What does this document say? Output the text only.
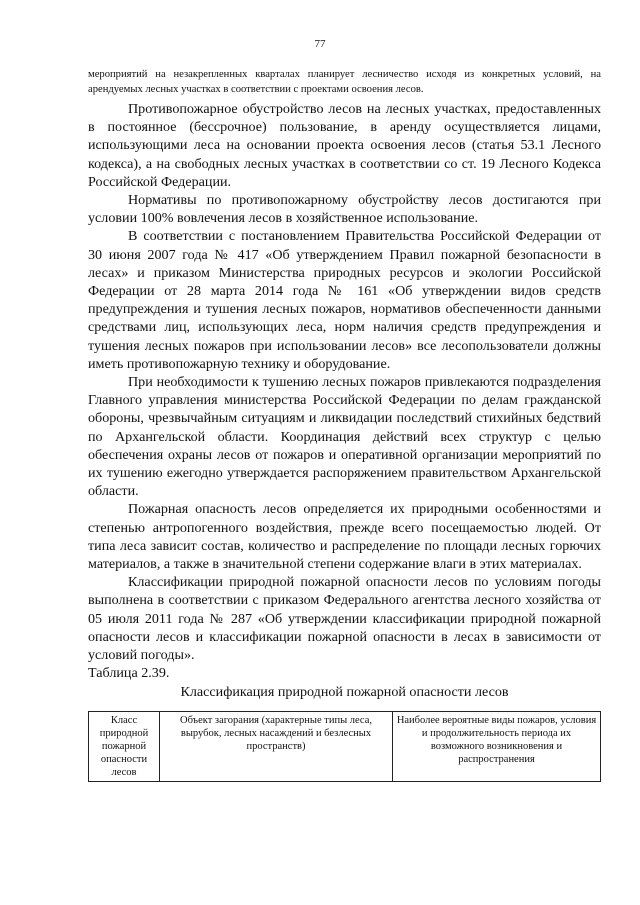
77

мероприятий на незакрепленных кварталах планирует лесничество исходя из конкретных условий, на арендуемых лесных участках в соответствии с проектами освоения лесов.

Противопожарное обустройство лесов на лесных участках, предоставленных в постоянное (бессрочное) пользование, в аренду осуществляется лицами, использующими леса на основании проекта освоения лесов (статья 53.1 Лесного кодекса), а на свободных лесных участках в соответствии со ст. 19 Лесного Кодекса Российской Федерации.

Нормативы по противопожарному обустройству лесов достигаются при условии 100% вовлечения лесов в хозяйственное использование.

В соответствии с постановлением Правительства Российской Федерации от 30 июня 2007 года № 417 «Об утверждением Правил пожарной безопасности в лесах» и приказом Министерства природных ресурсов и экологии Российской Федерации от 28 марта 2014 года № 161 «Об утверждении видов средств предупреждения и тушения лесных пожаров, нормативов обеспеченности данными средствами лиц, использующих леса, норм наличия средств предупреждения и тушения лесных пожаров при использовании лесов» все лесопользователи должны иметь противопожарную технику и оборудование.

При необходимости к тушению лесных пожаров привлекаются подразделения Главного управления министерства Российской Федерации по делам гражданской обороны, чрезвычайным ситуациям и ликвидации последствий стихийных бедствий по Архангельской области. Координация действий всех структур с целью обеспечения охраны лесов от пожаров и оперативной организации мероприятий по их тушению ежегодно утверждается распоряжением правительством Архангельской области.

Пожарная опасность лесов определяется их природными особенностями и степенью антропогенного воздействия, прежде всего посещаемостью людей. От типа леса зависит состав, количество и распределение по площади лесных горючих материалов, а также в значительной степени содержание влаги в этих материалах.

Классификации природной пожарной опасности лесов по условиям погоды выполнена в соответствии с приказом Федерального агентства лесного хозяйства от 05 июля 2011 года № 287 «Об утверждении классификации природной пожарной опасности лесов и классификации пожарной опасности в лесах в зависимости от условий погоды».

Таблица 2.39.

Классификация природной пожарной опасности лесов

Класс природной пожарной опасности лесов	Объект загорания (характерные типы леса, вырубок, лесных насаждений и безлесных пространств)	Наиболее вероятные виды пожаров, условия и продолжительность периода их возможного возникновения и распространения
